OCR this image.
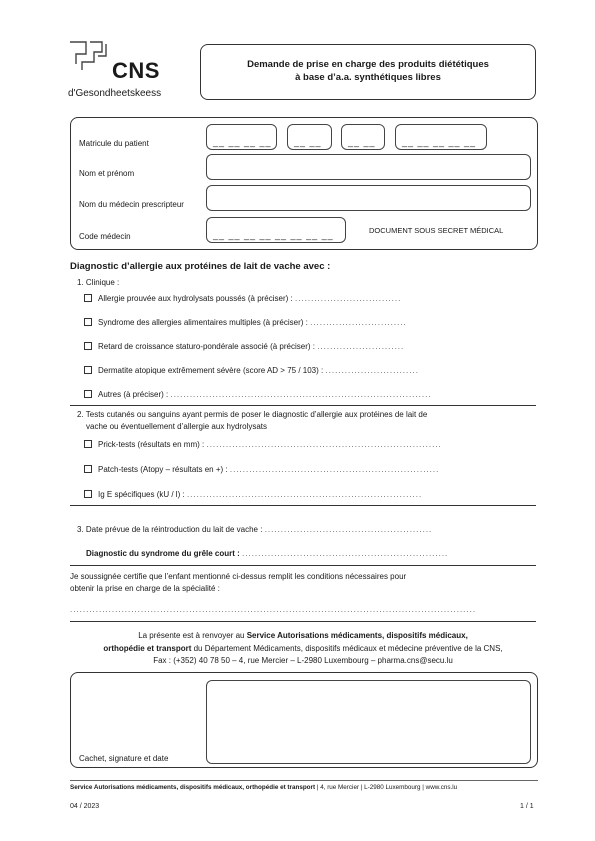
CNS
d'Gesondheetskeess
Demande de prise en charge des produits diététiques
à base d’a.a. synthétiques libres
Matricule du patient	__ __ __ __ __ __	__ __	__ __ __ __ __
Nom et prénom
Nom du médecin prescripteur
Code médecin	__ __ __ __ __ __ __ __	DOCUMENT SOUS SECRET MÉDICAL
Diagnostic d’allergie aux protéines de lait de vache avec :
1. Clinique :
Allergie prouvée aux hydrolysats poussés (à préciser) : .................................
Syndrome des allergies alimentaires multiples (à préciser) : ..............................
Retard de croissance staturo-pondérale associé (à préciser) : ...........................
Dermatite atopique extrêmement sévère (score AD > 75 / 103) : .............................
Autres (à préciser) : .................................................................................
2. Tests cutanés ou sanguins ayant permis de poser le diagnostic d’allergie aux protéines de lait de
vache ou éventuellement d’allergie aux hydrolysats
Prick-tests (résultats en mm) : .........................................................................
Patch-tests (Atopy – résultats en +) : .................................................................
Ig E spécifiques (kU / l) : .........................................................................
3. Date prévue de la réintroduction du lait de vache : ....................................................
Diagnostic du syndrome du grêle court : ................................................................
Je soussignée certifie que l’enfant mentionné ci-dessus remplit les conditions nécessaires pour
obtenir la prise en charge de la spécialité :
..............................................................................................................................
La présente est à renvoyer au Service Autorisations médicaments, dispositifs médicaux,
orthopédie et transport du Département Médicaments, dispositifs médicaux et médecine préventive de la CNS,
Fax : (+352) 40 78 50 – 4, rue Mercier – L-2980 Luxembourg – pharma.cns@secu.lu
Cachet, signature et date
Service Autorisations médicaments, dispositifs médicaux, orthopédie et transport | 4, rue Mercier | L-2980 Luxembourg | www.cns.lu
04 / 2023	1 / 1
